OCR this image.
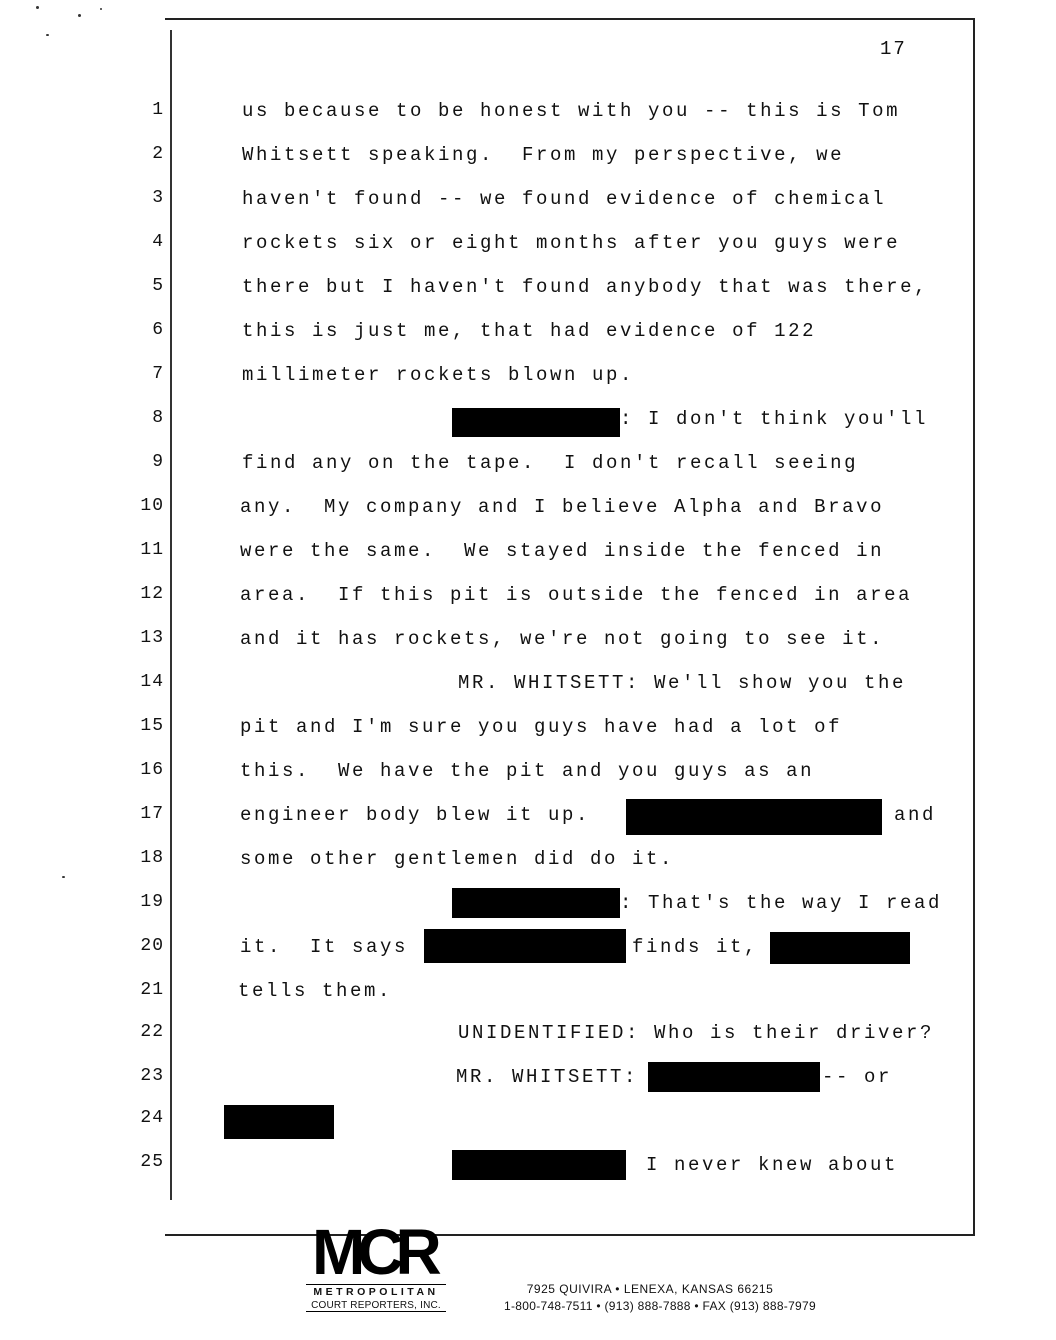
17
1
2
3
4
5
6
7
8
9
10
11
12
13
14
15
16
17
18
19
20
21
22
23
24
25
us because to be honest with you -- this is Tom
Whitsett speaking.  From my perspective, we
haven't found -- we found evidence of chemical
rockets six or eight months after you guys were
there but I haven't found anybody that was there,
this is just me, that had evidence of 122
millimeter rockets blown up.
: I don't think you'll
find any on the tape.  I don't recall seeing
any.  My company and I believe Alpha and Bravo
were the same.  We stayed inside the fenced in
area.  If this pit is outside the fenced in area
and it has rockets, we're not going to see it.
MR. WHITSETT: We'll show you the
pit and I'm sure you guys have had a lot of
this.  We have the pit and you guys as an
engineer body blew it up.	and
some other gentlemen did do it.
: That's the way I read
it.  It says	finds it,
tells them.
UNIDENTIFIED: Who is their driver?
MR. WHITSETT:	-- or
I never knew about
MCR
METROPOLITAN
COURT REPORTERS, INC.
7925 QUIVIRA • LENEXA, KANSAS 66215
1-800-748-7511 • (913) 888-7888 • FAX (913) 888-7979
